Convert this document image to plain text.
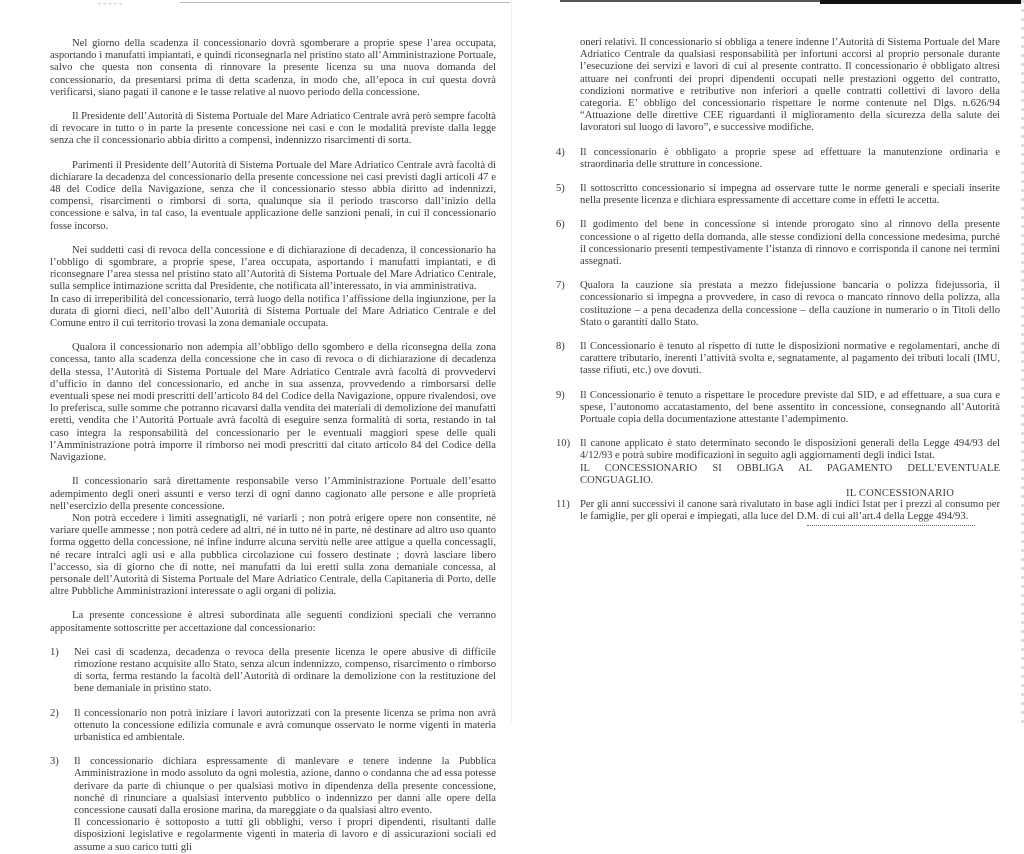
- - - - -

Nel giorno della scadenza il concessionario dovrà sgomberare a proprie spese l’area occupata, asportando i manufatti impiantati, e quindi riconsegnarla nel pristino stato all’Amministrazione Portuale, salvo che questa non consenta di rinnovare la presente licenza su una nuova domanda del concessionario, da presentarsi prima di detta scadenza, in modo che, all’epoca in cui questa dovrà verificarsi, siano pagati il canone e le tasse relative al nuovo periodo della concessione.

Il Presidente dell’Autorità di Sistema Portuale del Mare Adriatico Centrale avrà però sempre facoltà di revocare in tutto o in parte la presente concessione nei casi e con le modalità previste dalla legge senza che il concessionario abbia diritto a compensi, indennizzo risarcimenti di sorta.

Parimenti il Presidente dell’Autorità di Sistema Portuale del Mare Adriatico Centrale avrà facoltà di dichiarare la decadenza del concessionario della presente concessione nei casi previsti dagli articoli 47 e 48 del Codice della Navigazione, senza che il concessionario stesso abbia diritto ad indennizzi, compensi, risarcimenti o rimborsi di sorta, qualunque sia il periodo trascorso dall’inizio della concessione e salva, in tal caso, la eventuale applicazione delle sanzioni penali, in cui il concessionario fosse incorso.

Nei suddetti casi di revoca della concessione e di dichiarazione di decadenza, il concessionario ha l’obbligo di sgombrare, a proprie spese, l’area occupata, asportando i manufatti impiantati, e di riconsegnare l’area stessa nel pristino stato all’Autorità di Sistema Portuale del Mare Adriatico Centrale, sulla semplice intimazione scritta dal Presidente, che notificata all’interessato, in via amministrativa.

In caso di irreperibilità del concessionario, terrà luogo della notifica l’affissione della ingiunzione, per la durata di giorni dieci, nell’albo dell’Autorità di Sistema Portuale del Mare Adriatico Centrale e del Comune entro il cui territorio trovasi la zona demaniale occupata.

Qualora il concessionario non adempia all’obbligo dello sgombero e della riconsegna della zona concessa, tanto alla scadenza della concessione che in caso di revoca o di dichiarazione di decadenza della stessa, l’Autorità di Sistema Portuale del Mare Adriatico Centrale avrà facoltà di provvedervi d’ufficio in danno del concessionario, ed anche in sua assenza, provvedendo a rimborsarsi delle eventuali spese nei modi prescritti dell’articolo 84 del Codice della Navigazione, oppure rivalendosi, ove lo preferisca, sulle somme che potranno ricavarsi dalla vendita dei materiali di demolizione dei manufatti eretti, vendita che l’Autorità Portuale avrà facoltà di eseguire senza formalità di sorta, restando in tal caso integra la responsabilità del concessionario per le eventuali maggiori spese delle quali l’Amministrazione potrà imporre il rimborso nei modi prescritti dal citato articolo 84 del Codice della Navigazione.

Il concessionario sarà direttamente responsabile verso l’Amministrazione Portuale dell’esatto adempimento degli oneri assunti e verso terzi di ogni danno cagionato alle persone e alle proprietà nell’esercizio della presente concessione.

Non potrà eccedere i limiti assegnatigli, né variarli ; non potrà erigere opere non consentite, né variare quelle ammesse ; non potrà cedere ad altri, né in tutto né in parte, né destinare ad altro uso quanto forma oggetto della concessione, né infine indurre alcuna servitù nelle aree attigue a quella concessagli, né recare intralci agli usi e alla pubblica circolazione cui fossero destinate ; dovrà lasciare libero l’accesso, sia di giorno che di notte, nei manufatti da lui eretti sulla zona demaniale concessa, al personale dell’Autorità di Sistema Portuale del Mare Adriatico Centrale, della Capitaneria di Porto, delle altre Pubbliche Amministrazioni interessate o agli organi di polizia.

La presente concessione è altresì subordinata alle seguenti condizioni speciali che verranno appositamente sottoscritte per accettazione dal concessionario:

1)	Nei casi di scadenza, decadenza o revoca della presente licenza le opere abusive di difficile rimozione restano acquisite allo Stato, senza alcun indennizzo, compenso, risarcimento o rimborso di sorta, ferma restando la facoltà dell’Autorità di ordinare la demolizione con la restituzione del bene demaniale in pristino stato.

2)	Il concessionario non potrà iniziare i lavori autorizzati con la presente licenza se prima non avrà ottenuto la concessione edilizia comunale e avrà comunque osservato le norme vigenti in materia urbanistica ed ambientale.

3)	Il concessionario dichiara espressamente di manlevare e tenere indenne la Pubblica Amministrazione in modo assoluto da ogni molestia, azione, danno o condanna che ad essa potesse derivare da parte di chiunque o per qualsiasi motivo in dipendenza della presente concessione, nonché di rinunciare a qualsiasi intervento pubblico o indennizzo per danni alle opere della concessione causati dalla erosione marina, da mareggiate o da qualsiasi altro evento.

Il concessionario è sottoposto a tutti gli obblighi, verso i propri dipendenti, risultanti dalle disposizioni legislative e regolarmente vigenti in materia di lavoro e di assicurazioni sociali ed assume a suo carico tutti gli

oneri relativi. Il concessionario si obbliga a tenere indenne l’Autorità di Sistema Portuale del Mare Adriatico Centrale da qualsiasi responsabilità per infortuni accorsi al proprio personale durante l’esecuzione dei servizi e lavori di cui al presente contratto. Il concessionario è obbligato altresì attuare nei confronti dei propri dipendenti occupati nelle prestazioni oggetto del contratto, condizioni normative e retributive non inferiori a quelle contratti collettivi di lavoro della categoria. E’ obbligo del concessionario rispettare le norme contenute nel Dlgs. n.626/94 “Attuazione delle direttive CEE riguardanti il miglioramento della sicurezza della salute dei lavoratori sul luogo di lavoro”, e successive modifiche.

4)	Il concessionario è obbligato a proprie spese ad effettuare la manutenzione ordinaria e straordinaria delle strutture in concessione.

5)	Il sottoscritto concessionario si impegna ad osservare tutte le norme generali e speciali inserite nella presente licenza e dichiara espressamente di accettare come in effetti le accetta.

6)	Il godimento del bene in concessione si intende prorogato sino al rinnovo della presente concessione o al rigetto della domanda, alle stesse condizioni della concessione medesima, purché il concessionario presenti tempestivamente l’istanza di rinnovo e corrisponda il canone nei termini assegnati.

7)	Qualora la cauzione sia prestata a mezzo fidejussione bancaria o polizza fidejussoria, il concessionario si impegna a provvedere, in caso di revoca o mancato rinnovo della polizza, alla costituzione – a pena decadenza della concessione – della cauzione in numerario o in Titoli dello Stato o garantiti dallo Stato.

8)	Il Concessionario è tenuto al rispetto di tutte le disposizioni normative e regolamentari, anche di carattere tributario, inerenti l’attività svolta e, segnatamente, al pagamento dei tributi locali (IMU, tasse rifiuti, etc.) ove dovuti.

9)	Il Concessionario è tenuto a rispettare le procedure previste dal SID, e ad effettuare, a sua cura e spese, l’autonomo accatastamento, del bene assentito in concessione, consegnando all’Autorità Portuale copia della documentazione attestante l’adempimento.

10) Il canone applicato è stato determinato secondo le disposizioni generali della Legge 494/93 del 4/12/93 e potrà subire modificazioni in seguito agli aggiornamenti degli indici Istat.

IL CONCESSIONARIO SI OBBLIGA AL PAGAMENTO DELL’EVENTUALE CONGUAGLIO.

11) Per gli anni successivi il canone sarà rivalutato in base agli indici Istat per i prezzi al consumo per le famiglie, per gli operai e impiegati, alla luce del D.M. di cui all’art.4 della Legge 494/93.

IL CONCESSIONARIO
